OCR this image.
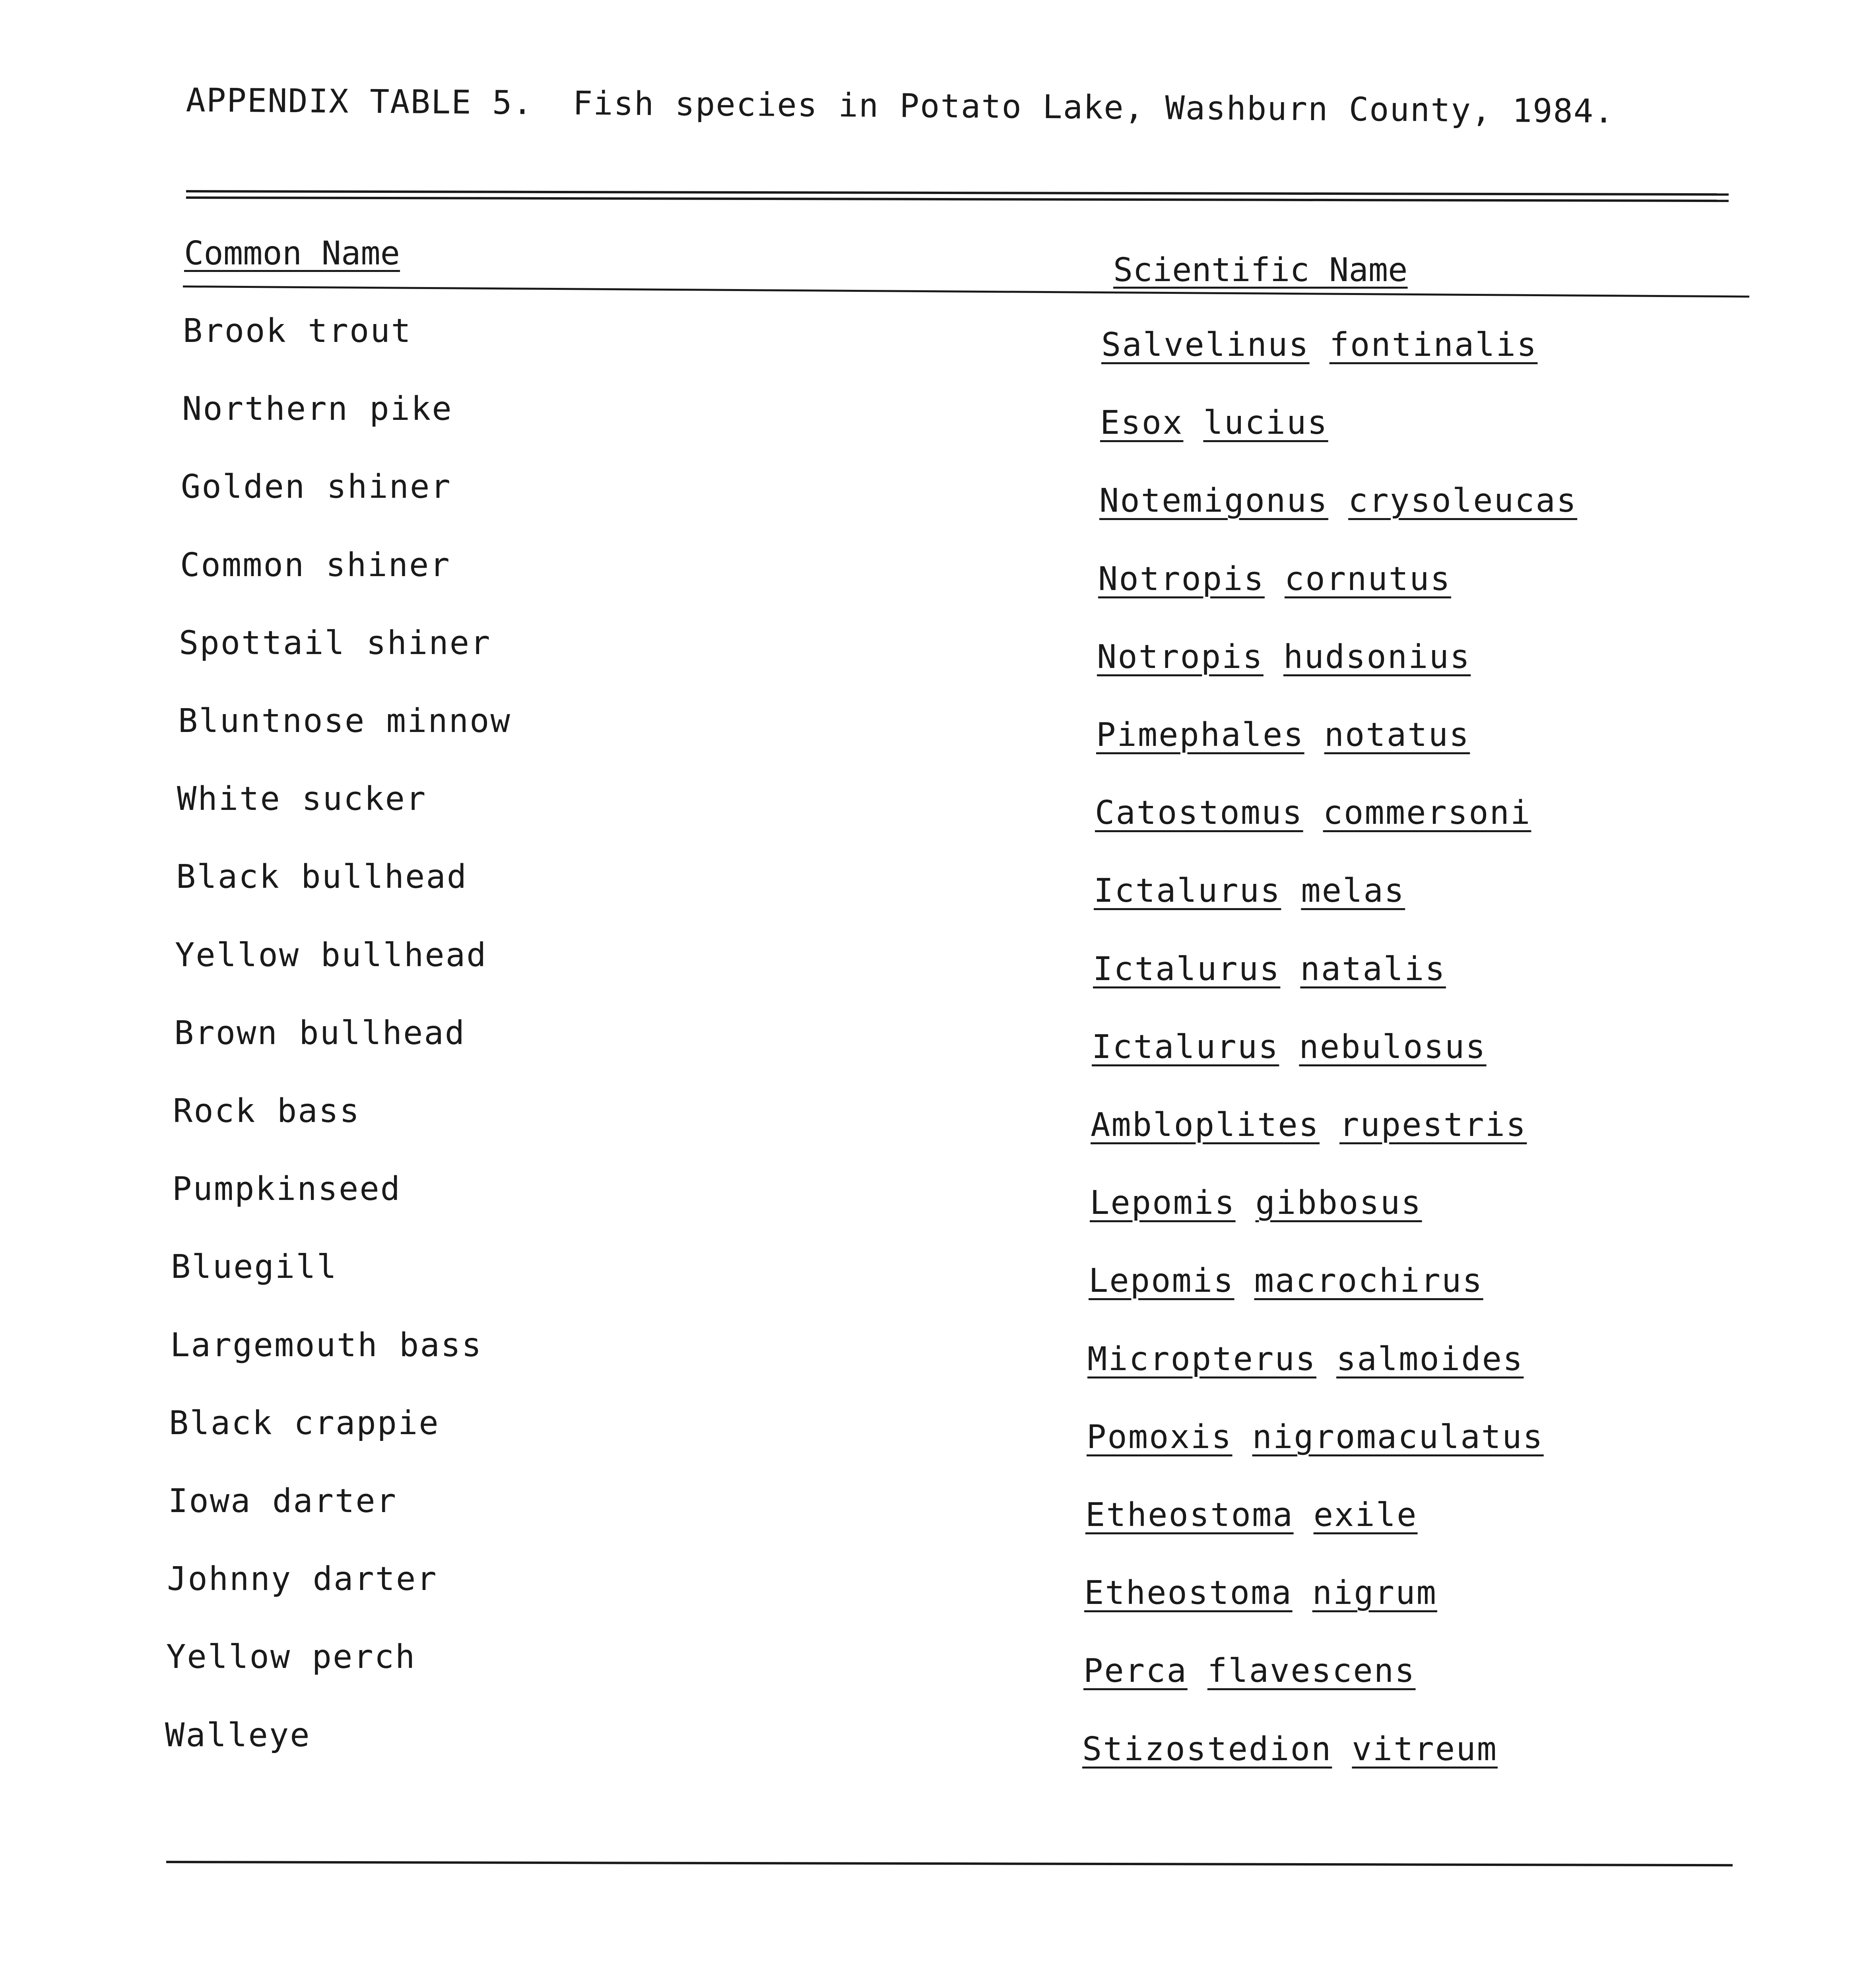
APPENDIX TABLE 5. Fish species in Potato Lake, Washburn County, 1984.
Common Name	Scientific Name
Brook trout	Salvelinus fontinalis
Northern pike	Esox lucius
Golden shiner	Notemigonus crysoleucas
Common shiner	Notropis cornutus
Spottail shiner	Notropis hudsonius
Bluntnose minnow	Pimephales notatus
White sucker	Catostomus commersoni
Black bullhead	Ictalurus melas
Yellow bullhead	Ictalurus natalis
Brown bullhead	Ictalurus nebulosus
Rock bass	Ambloplites rupestris
Pumpkinseed	Lepomis gibbosus
Bluegill	Lepomis macrochirus
Largemouth bass	Micropterus salmoides
Black crappie	Pomoxis nigromaculatus
Iowa darter	Etheostoma exile
Johnny darter	Etheostoma nigrum
Yellow perch	Perca flavescens
Walleye	Stizostedion vitreum
